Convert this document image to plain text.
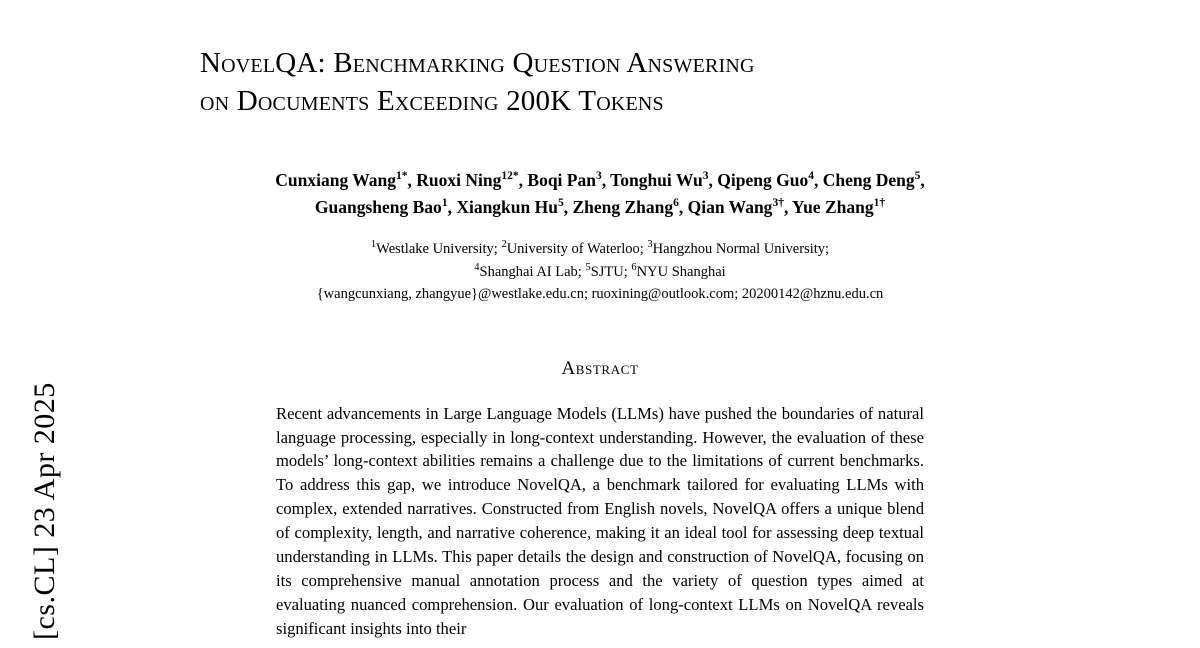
[cs.CL] 23 Apr 2025
NovelQA: Benchmarking Question Answering
on Documents Exceeding 200K Tokens
Cunxiang Wang$^{1*}$, Ruoxi Ning$^{12*}$, Boqi Pan$^3$, Tonghui Wu$^3$, Qipeng Guo$^4$, Cheng Deng$^5$,
Guangsheng Bao$^1$, Xiangkun Hu$^5$, Zheng Zhang$^6$, Qian Wang$^{3\dagger}$, Yue Zhang$^{1\dagger}$
$^1$Westlake University; $^2$University of Waterloo; $^3$Hangzhou Normal University;
$^4$Shanghai AI Lab; $^5$SJTU; $^6$NYU Shanghai
{wangcunxiang, zhangyue}@westlake.edu.cn; ruoxining@outlook.com; 20200142@hznu.edu.cn
Abstract
Recent advancements in Large Language Models (LLMs) have pushed the boundaries of natural language processing, especially in long-context understanding. However, the evaluation of these models’ long-context abilities remains a challenge due to the limitations of current benchmarks. To address this gap, we introduce NovelQA, a benchmark tailored for evaluating LLMs with complex, extended narratives. Constructed from English novels, NovelQA offers a unique blend of complexity, length, and narrative coherence, making it an ideal tool for assessing deep textual understanding in LLMs. This paper details the design and construction of NovelQA, focusing on its comprehensive manual annotation process and the variety of question types aimed at evaluating nuanced comprehension. Our evaluation of long-context LLMs on NovelQA reveals significant insights into their
